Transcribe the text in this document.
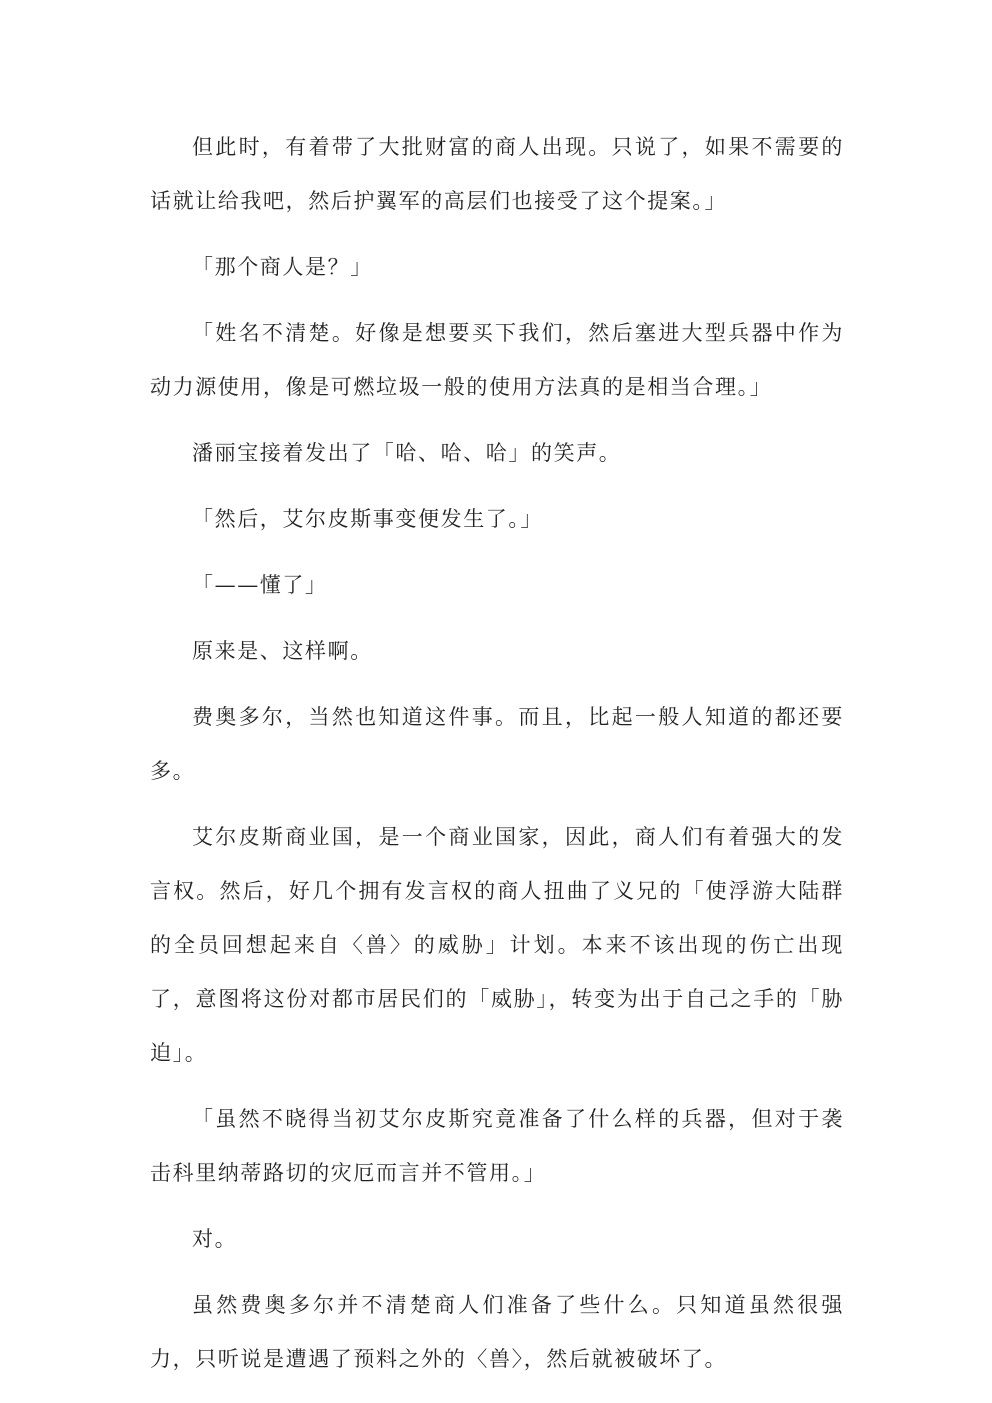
但此时，有着带了大批财富的商人出现。只说了，如果不需要的话就让给我吧，然后护翼军的高层们也接受了这个提案。」

「那个商人是？」

「姓名不清楚。好像是想要买下我们，然后塞进大型兵器中作为动力源使用，像是可燃垃圾一般的使用方法真的是相当合理。」

潘丽宝接着发出了「哈、哈、哈」的笑声。

「然后，艾尔皮斯事变便发生了。」

「——懂了」

原来是、这样啊。

费奥多尔，当然也知道这件事。而且，比起一般人知道的都还要多。

艾尔皮斯商业国，是一个商业国家，因此，商人们有着强大的发言权。然后，好几个拥有发言权的商人扭曲了义兄的「使浮游大陆群的全员回想起来自〈兽〉的威胁」计划。本来不该出现的伤亡出现了，意图将这份对都市居民们的「威胁」，转变为出于自己之手的「胁迫」。

「虽然不晓得当初艾尔皮斯究竟准备了什么样的兵器，但对于袭击科里纳蒂路切的灾厄而言并不管用。」

对。

虽然费奥多尔并不清楚商人们准备了些什么。只知道虽然很强力，只听说是遭遇了预料之外的〈兽〉，然后就被破坏了。
